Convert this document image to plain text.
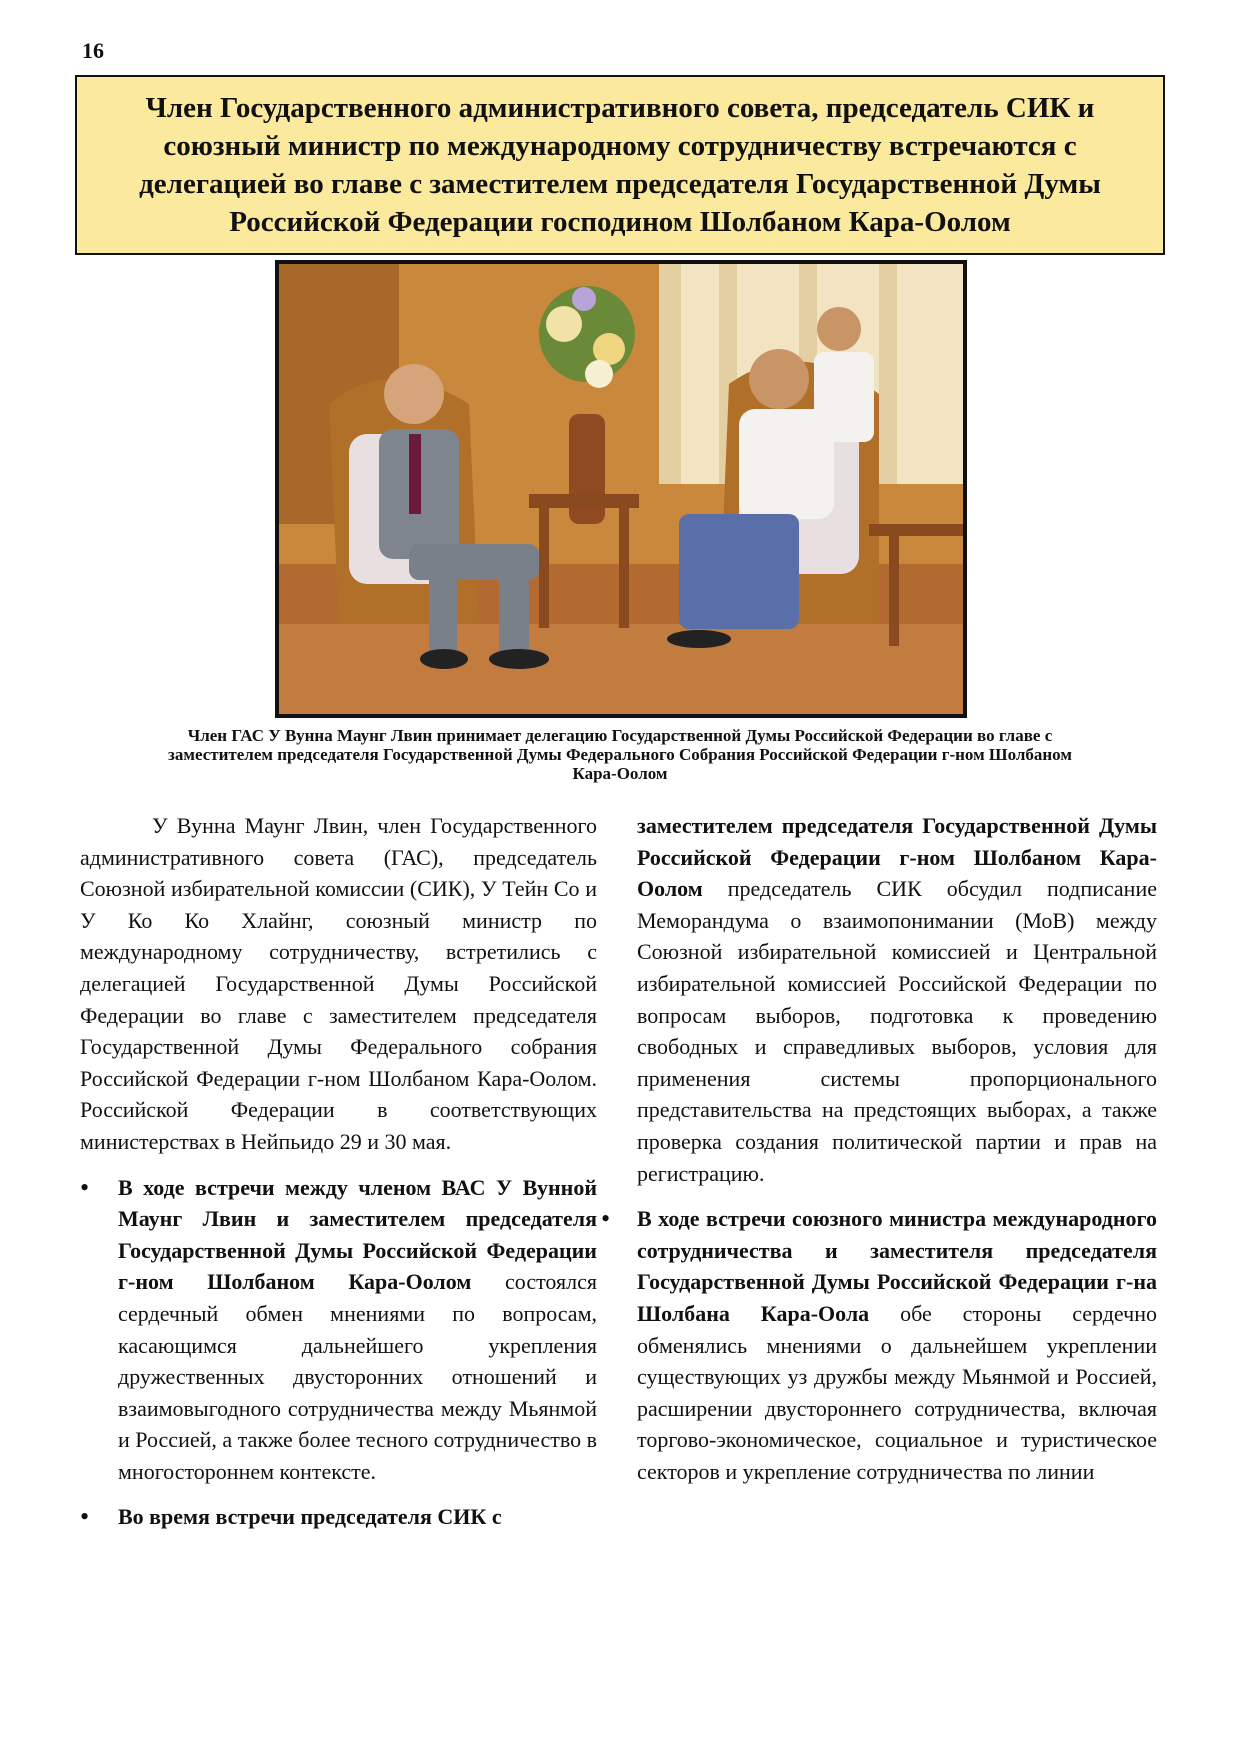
16
Член Государственного административного совета, председатель СИК и союзный министр по международному сотрудничеству встречаются с делегацией во главе с заместителем председателя Государственной Думы Российской Федерации господином Шолбаном Кара-Оолом

Член ГАС У Вунна Маунг Лвин принимает делегацию Государственной Думы Российской Федерации во главе с заместителем председателя Государственной Думы Федерального Собрания Российской Федерации г-ном Шолбаном Кара-Оолом

У Вунна Маунг Лвин, член Государственного административного совета (ГАС), председатель Союзной избирательной комиссии (СИК), У Тейн Со и У Ко Ко Хлайнг, союзный министр по международному сотрудничеству, встретились с делегацией Государственной Думы Российской Федерации во главе с заместителем председателя Государственной Думы Федерального собрания Российской Федерации г-ном Шолбаном Кара-Оолом. Российской Федерации в соответствующих министерствах в Нейпьидо 29 и 30 мая.

• В ходе встречи между членом ВАС У Вунной Маунг Лвин и заместителем председателя Государственной Думы Российской Федерации г-ном Шолбаном Кара-Оолом состоялся сердечный обмен мнениями по вопросам, касающимся дальнейшего укрепления дружественных двусторонних отношений и взаимовыгодного сотрудничества между Мьянмой и Россией, а также более тесного сотрудничество в многостороннем контексте.
• Во время встречи председателя СИК с

заместителем председателя Государственной Думы Российской Федерации г-ном Шолбаном Кара-Оолом председатель СИК обсудил подписание Меморандума о взаимопонимании (МоВ) между Союзной избирательной комиссией и Центральной избирательной комиссией Российской Федерации по вопросам выборов, подготовка к проведению свободных и справедливых выборов, условия для применения системы пропорционального представительства на предстоящих выборах, а также проверка создания политической партии и прав на регистрацию.

• В ходе встречи союзного министра международного сотрудничества и заместителя председателя Государственной Думы Российской Федерации г-на Шолбана Кара-Оола обе стороны сердечно обменялись мнениями о дальнейшем укреплении существующих уз дружбы между Мьянмой и Россией, расширении двустороннего сотрудничества, включая торгово-экономическое, социальное и туристическое секторов и укрепление сотрудничества по линии
